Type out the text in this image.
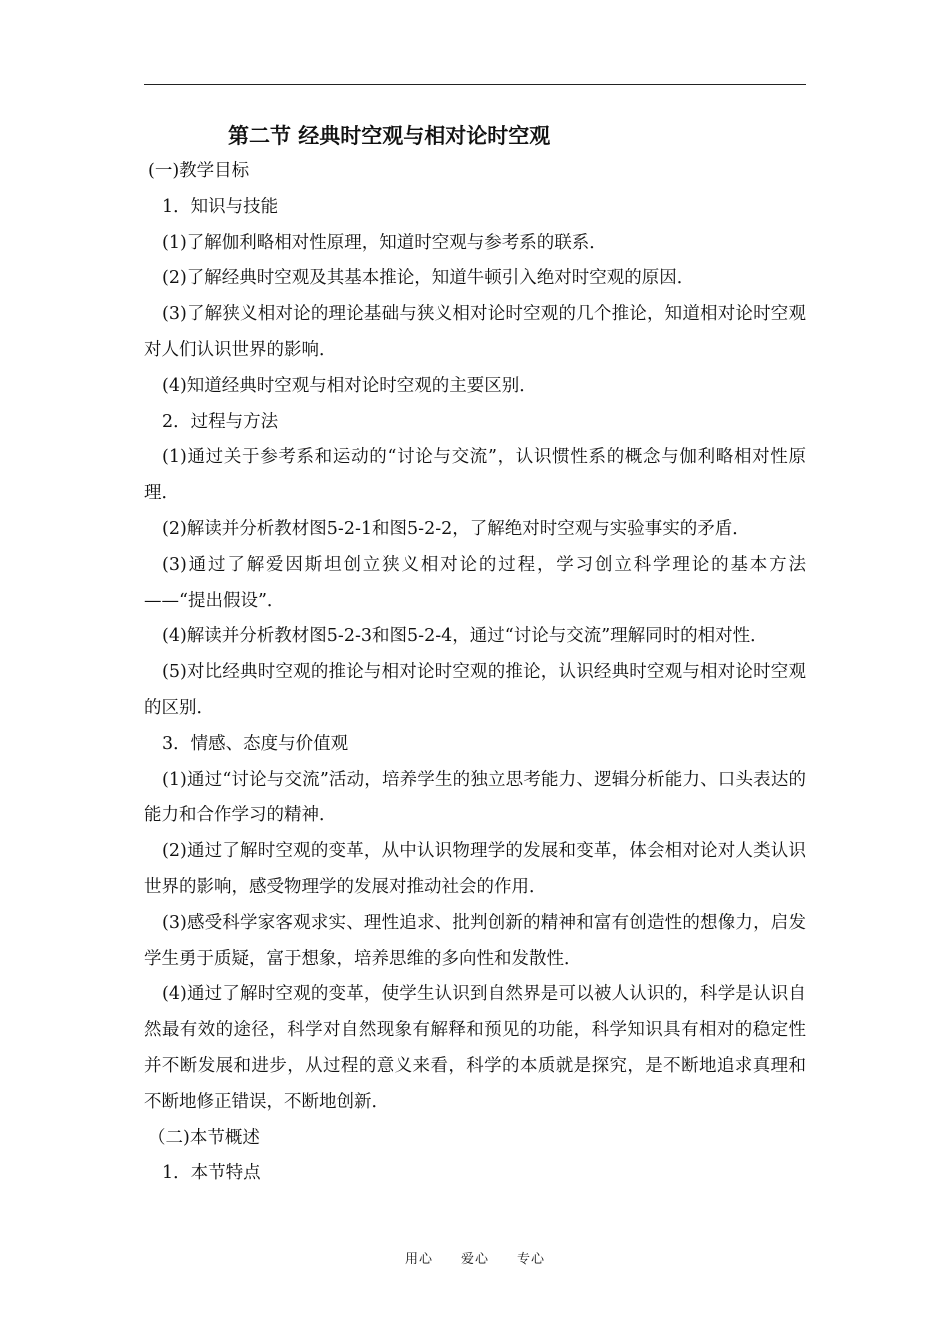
第二节 经典时空观与相对论时空观

(一)教学目标

1．知识与技能

(1)了解伽利略相对性原理，知道时空观与参考系的联系．

(2)了解经典时空观及其基本推论，知道牛顿引入绝对时空观的原因．

(3)了解狭义相对论的理论基础与狭义相对论时空观的几个推论，知道相对论时空观对人们认识世界的影响．

(4)知道经典时空观与相对论时空观的主要区别．

2．过程与方法

(1)通过关于参考系和运动的“讨论与交流”，认识惯性系的概念与伽利略相对性原理．

(2)解读并分析教材图5-2-1和图5-2-2，了解绝对时空观与实验事实的矛盾．

(3)通过了解爱因斯坦创立狭义相对论的过程，学习创立科学理论的基本方法——“提出假设”．

(4)解读并分析教材图5-2-3和图5-2-4，通过“讨论与交流”理解同时的相对性．

(5)对比经典时空观的推论与相对论时空观的推论，认识经典时空观与相对论时空观的区别．

3．情感、态度与价值观

(1)通过“讨论与交流”活动，培养学生的独立思考能力、逻辑分析能力、口头表达的能力和合作学习的精神．

(2)通过了解时空观的变革，从中认识物理学的发展和变革，体会相对论对人类认识世界的影响，感受物理学的发展对推动社会的作用．

(3)感受科学家客观求实、理性追求、批判创新的精神和富有创造性的想像力，启发学生勇于质疑，富于想象，培养思维的多向性和发散性．

(4)通过了解时空观的变革，使学生认识到自然界是可以被人认识的，科学是认识自然最有效的途径，科学对自然现象有解释和预见的功能，科学知识具有相对的稳定性并不断发展和进步，从过程的意义来看，科学的本质就是探究，是不断地追求真理和不断地修正错误，不断地创新．

（二)本节概述

1．本节特点

用心 爱心 专心
